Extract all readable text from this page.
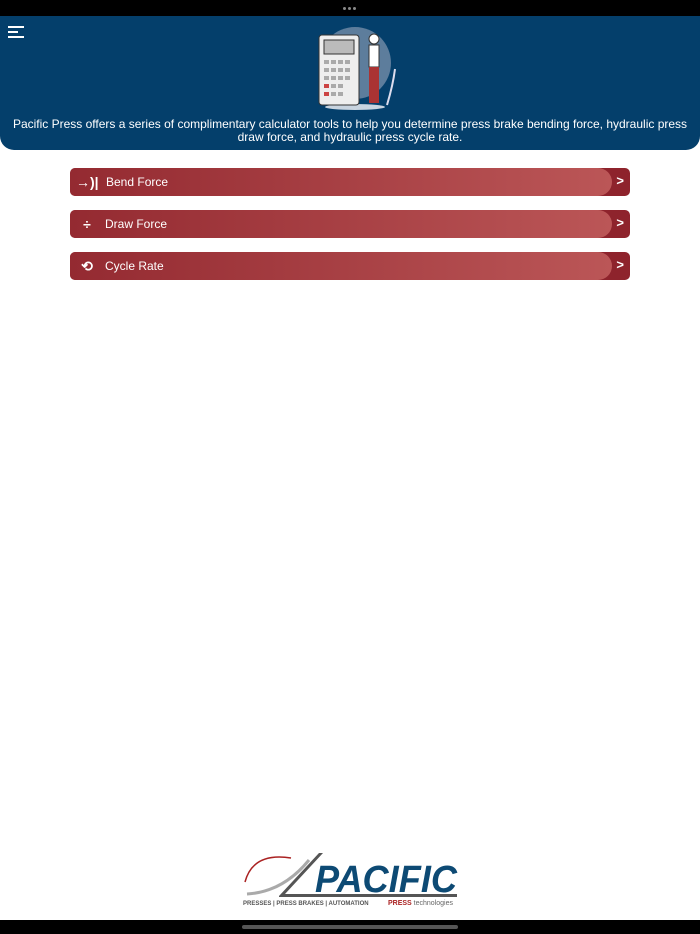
Pacific Press offers a series of complimentary calculator tools to help you determine press brake bending force, hydraulic press draw force, and hydraulic press cycle rate.
→)| Bend Force	>
÷	Draw Force	>
⟲	Cycle Rate	>
PACIFIC
PRESSES | PRESS BRAKES | AUTOMATION	PRESS technologies
